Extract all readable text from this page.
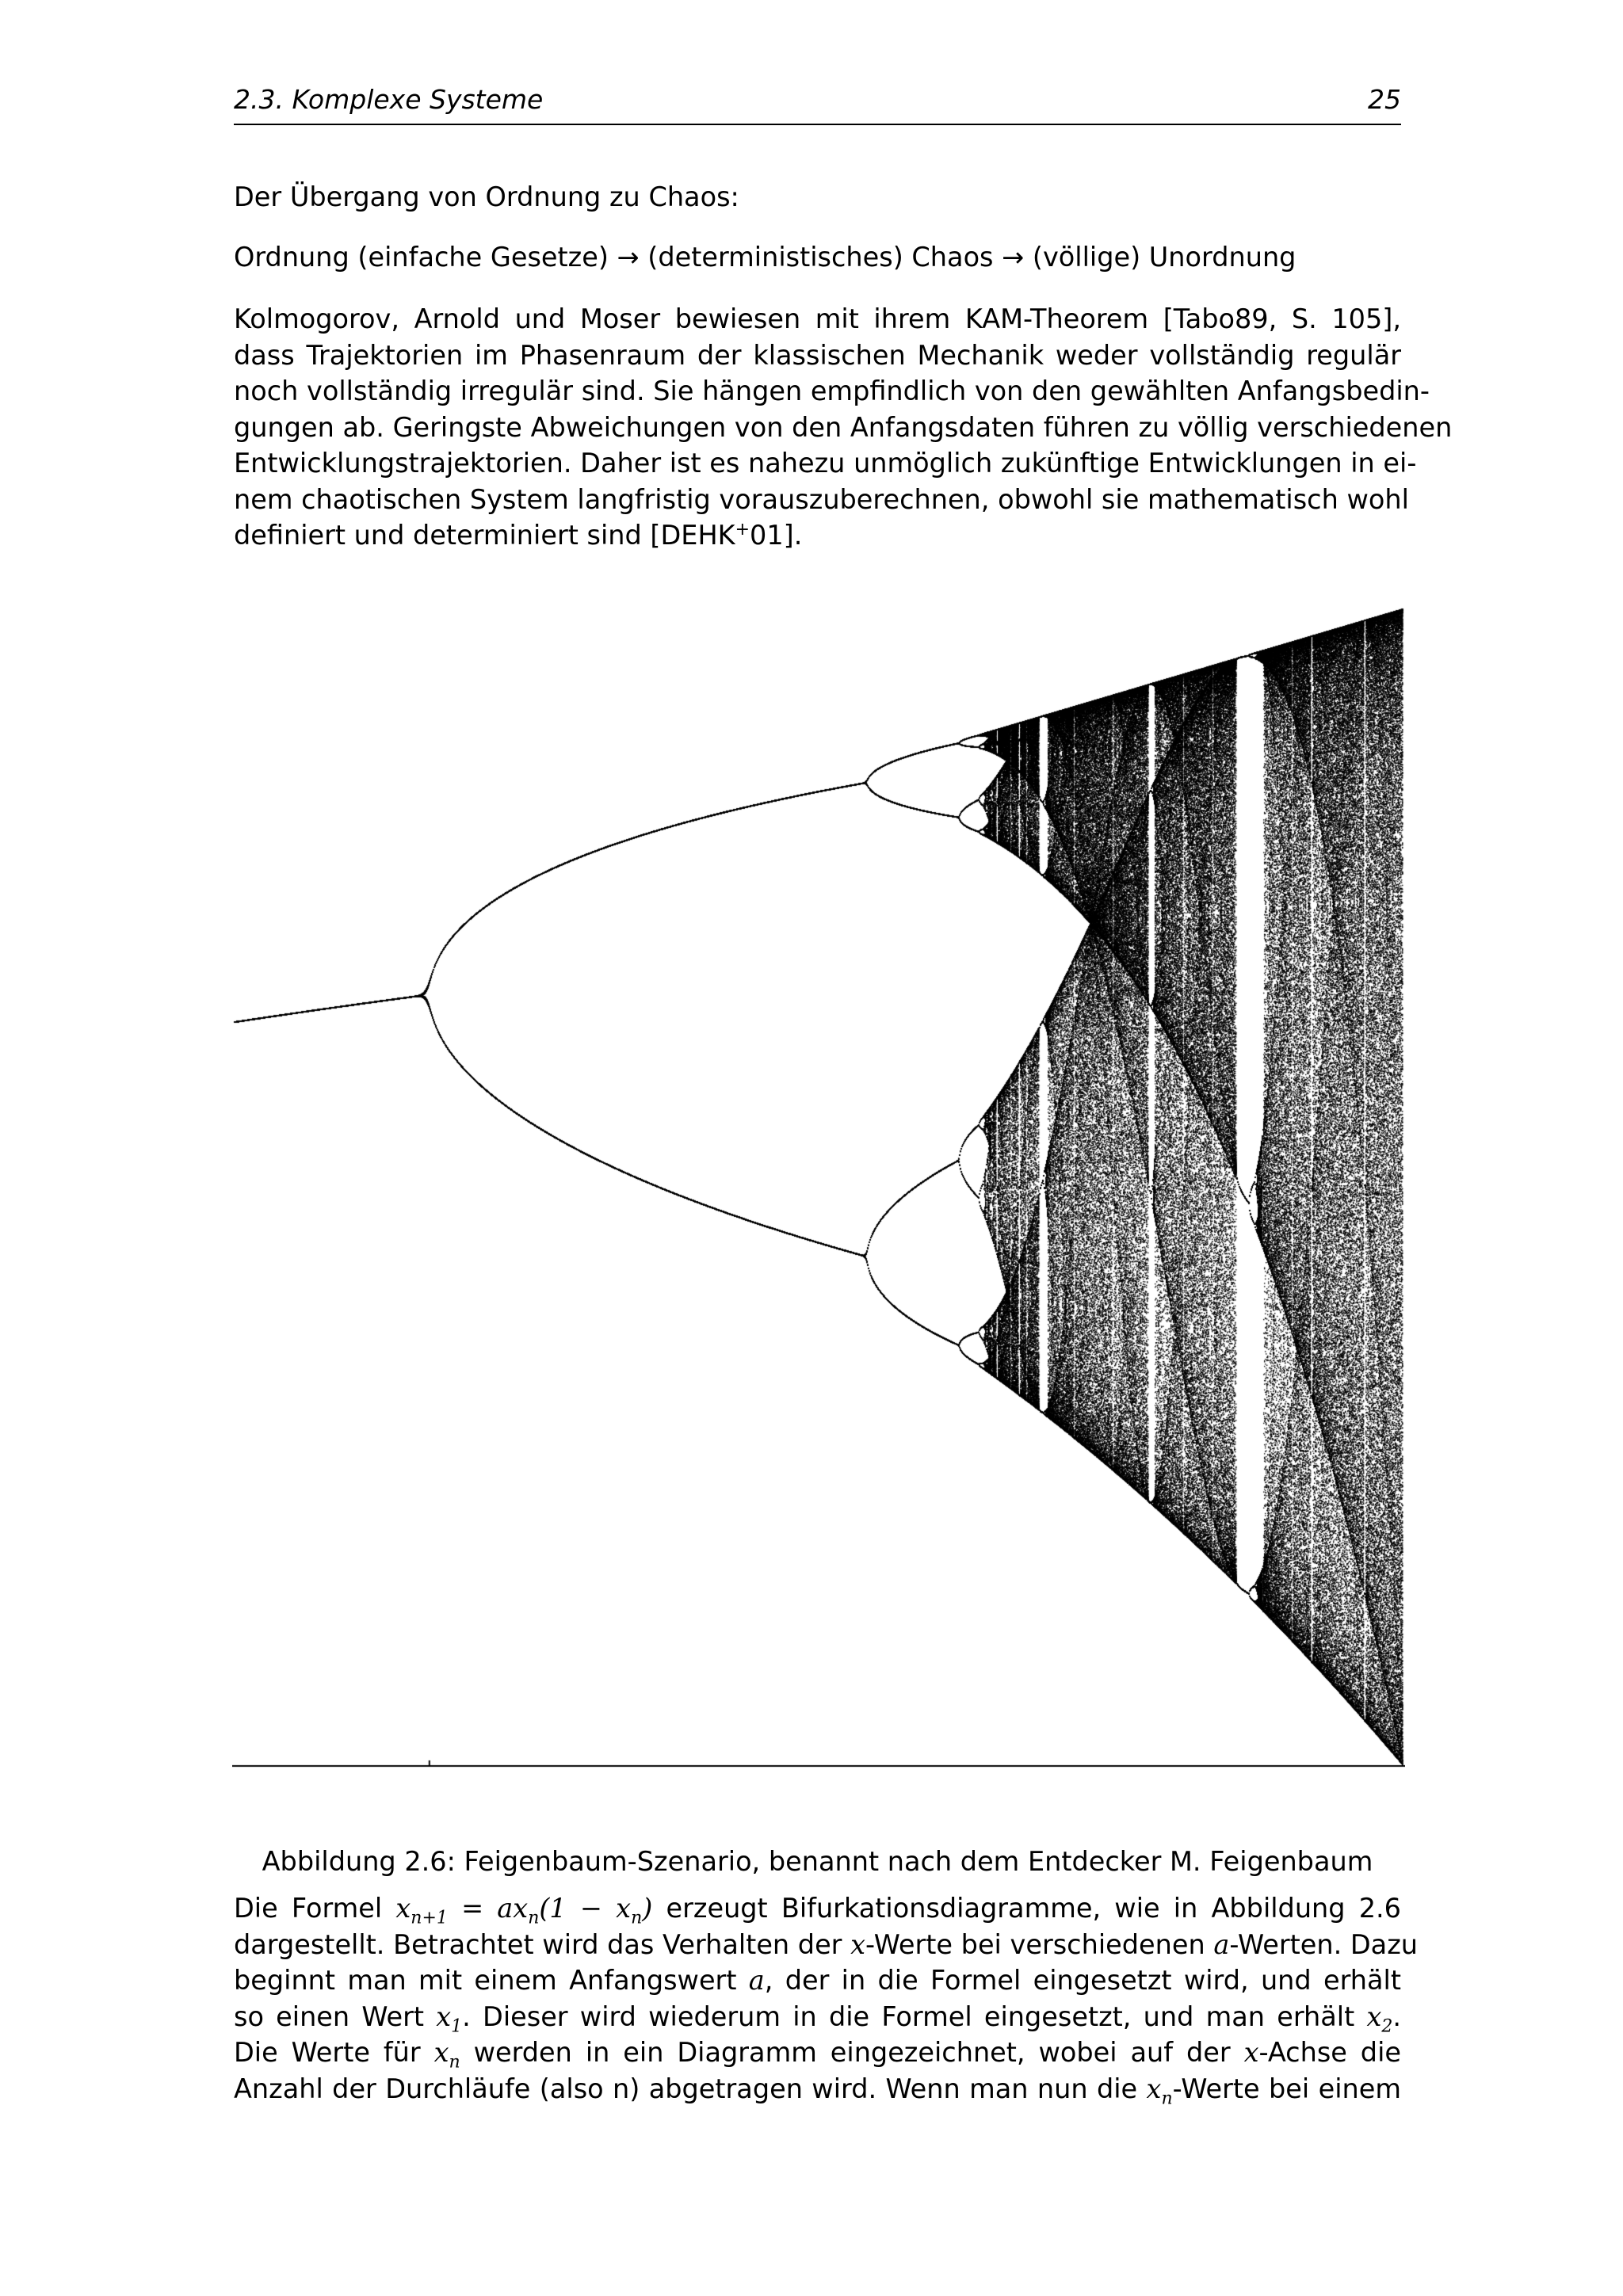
2.3. Komplexe Systeme	25

Der Übergang von Ordnung zu Chaos:

Ordnung (einfache Gesetze) → (deterministisches) Chaos → (völlige) Unordnung

Kolmogorov, Arnold und Moser bewiesen mit ihrem KAM-Theorem [Tabo89, S. 105],
dass Trajektorien im Phasenraum der klassischen Mechanik weder vollständig regulär
noch vollständig irregulär sind. Sie hängen empfindlich von den gewählten Anfangsbedin-
gungen ab. Geringste Abweichungen von den Anfangsdaten führen zu völlig verschiedenen
Entwicklungstrajektorien. Daher ist es nahezu unmöglich zukünftige Entwicklungen in ei-
nem chaotischen System langfristig vorauszuberechnen, obwohl sie mathematisch wohl
definiert und determiniert sind [DEHK+01].

Abbildung 2.6: Feigenbaum-Szenario, benannt nach dem Entdecker M. Feigenbaum

Die Formel $x_{n+1} = ax_n(1 - x_n)$ erzeugt Bifurkationsdiagramme, wie in Abbildung 2.6
dargestellt. Betrachtet wird das Verhalten der x-Werte bei verschiedenen a-Werten. Dazu
beginnt man mit einem Anfangswert a, der in die Formel eingesetzt wird, und erhält
so einen Wert $x_1$. Dieser wird wiederum in die Formel eingesetzt, und man erhält $x_2$.
Die Werte für $x_n$ werden in ein Diagramm eingezeichnet, wobei auf der x-Achse die
Anzahl der Durchläufe (also n) abgetragen wird. Wenn man nun die $x_n$-Werte bei einem
